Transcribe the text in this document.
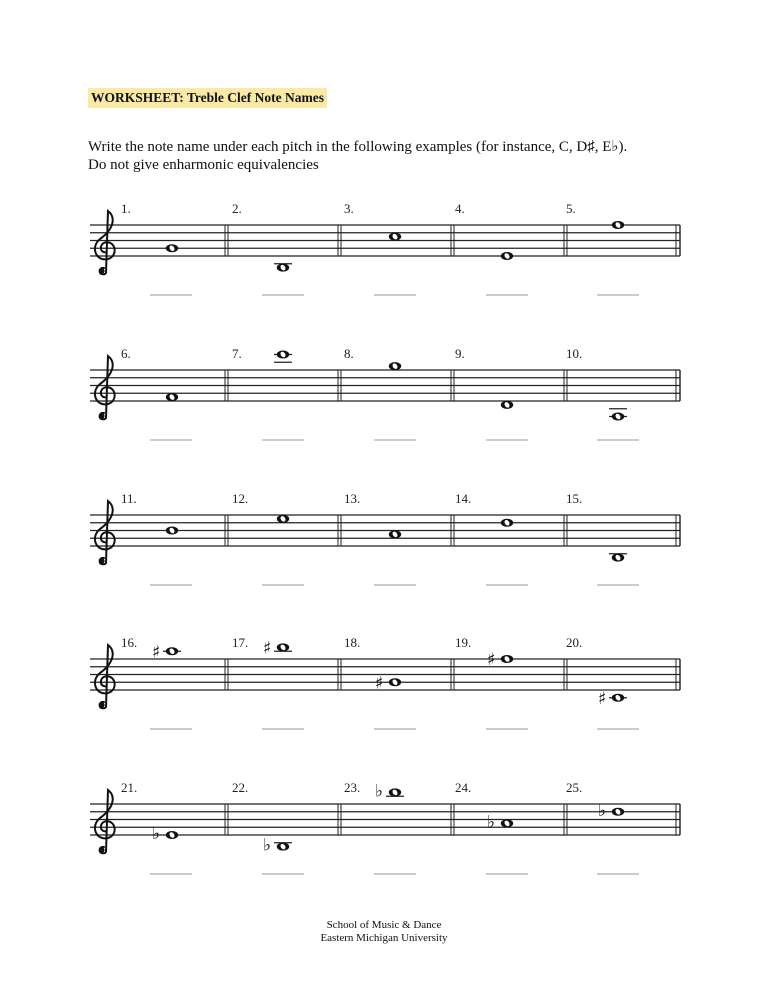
WORKSHEET: Treble Clef Note Names
Write the note name under each pitch in the following examples (for instance, C, D♯, E♭).
Do not give enharmonic equivalencies
1.	2.	3.	4.	5.
6.	7.	8.	9.	10.
11.	12.	13.	14.	15.
16. ♯	17. ♯	18.
♯
19.
♯
20.
♯
21.
♭
22.
♭
23. ♭	24.
♭
25.
♭
School of Music & Dance
Eastern Michigan University
